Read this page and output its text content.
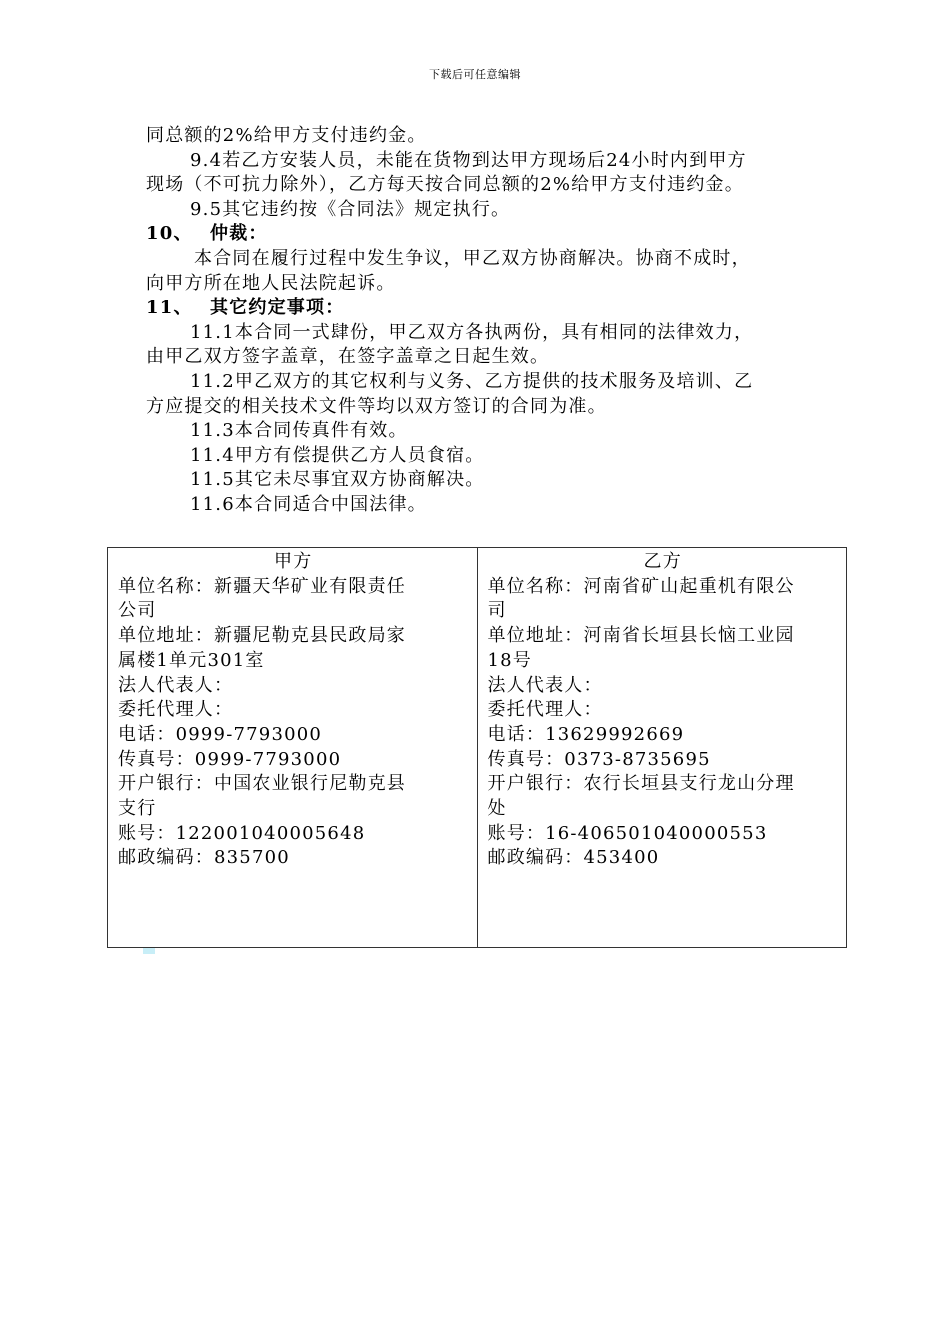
下载后可任意编辑

同总额的2%给甲方支付违约金。

9.4若乙方安装人员，未能在货物到达甲方现场后24小时内到甲方

现场（不可抗力除外），乙方每天按合同总额的2%给甲方支付违约金。

9.5其它违约按《合同法》规定执行。

10、 仲裁：

本合同在履行过程中发生争议，甲乙双方协商解决。协商不成时，

向甲方所在地人民法院起诉。

11、 其它约定事项：

11.1本合同一式肆份，甲乙双方各执两份，具有相同的法律效力，

由甲乙双方签字盖章，在签字盖章之日起生效。

11.2甲乙双方的其它权利与义务、乙方提供的技术服务及培训、乙

方应提交的相关技术文件等均以双方签订的合同为准。

11.3本合同传真件有效。

11.4甲方有偿提供乙方人员食宿。

11.5其它未尽事宜双方协商解决。

11.6本合同适合中国法律。

甲方
单位名称：新疆天华矿业有限责任
公司
单位地址：新疆尼勒克县民政局家
属楼1单元301室
法人代表人：
委托代理人：
电话：0999-7793000
传真号：0999-7793000
开户银行：中国农业银行尼勒克县
支行
账号：122001040005648
邮政编码：835700

乙方
单位名称：河南省矿山起重机有限公
司
单位地址：河南省长垣县长恼工业园
18号
法人代表人：
委托代理人：
电话：13629992669
传真号：0373-8735695
开户银行：农行长垣县支行龙山分理
处
账号：16-406501040000553
邮政编码：453400
